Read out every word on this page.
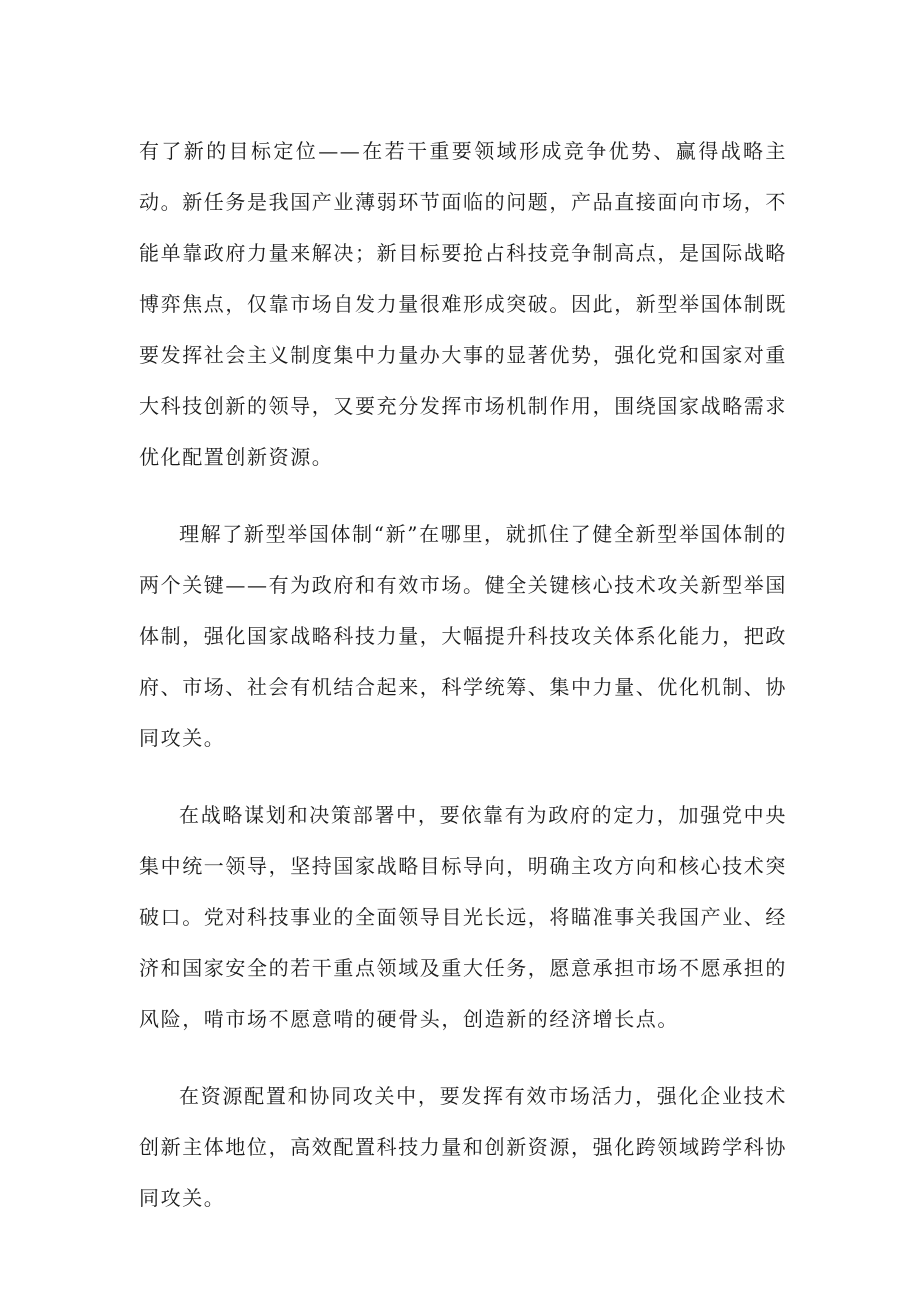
有了新的目标定位——在若干重要领域形成竞争优势、赢得战略主动。新任务是我国产业薄弱环节面临的问题，产品直接面向市场，不能单靠政府力量来解决；新目标要抢占科技竞争制高点，是国际战略博弈焦点，仅靠市场自发力量很难形成突破。因此，新型举国体制既要发挥社会主义制度集中力量办大事的显著优势，强化党和国家对重大科技创新的领导，又要充分发挥市场机制作用，围绕国家战略需求优化配置创新资源。

理解了新型举国体制“新”在哪里，就抓住了健全新型举国体制的两个关键——有为政府和有效市场。健全关键核心技术攻关新型举国体制，强化国家战略科技力量，大幅提升科技攻关体系化能力，把政府、市场、社会有机结合起来，科学统筹、集中力量、优化机制、协同攻关。

在战略谋划和决策部署中，要依靠有为政府的定力，加强党中央集中统一领导，坚持国家战略目标导向，明确主攻方向和核心技术突破口。党对科技事业的全面领导目光长远，将瞄准事关我国产业、经济和国家安全的若干重点领域及重大任务，愿意承担市场不愿承担的风险，啃市场不愿意啃的硬骨头，创造新的经济增长点。

在资源配置和协同攻关中，要发挥有效市场活力，强化企业技术创新主体地位，高效配置科技力量和创新资源，强化跨领域跨学科协同攻关。
